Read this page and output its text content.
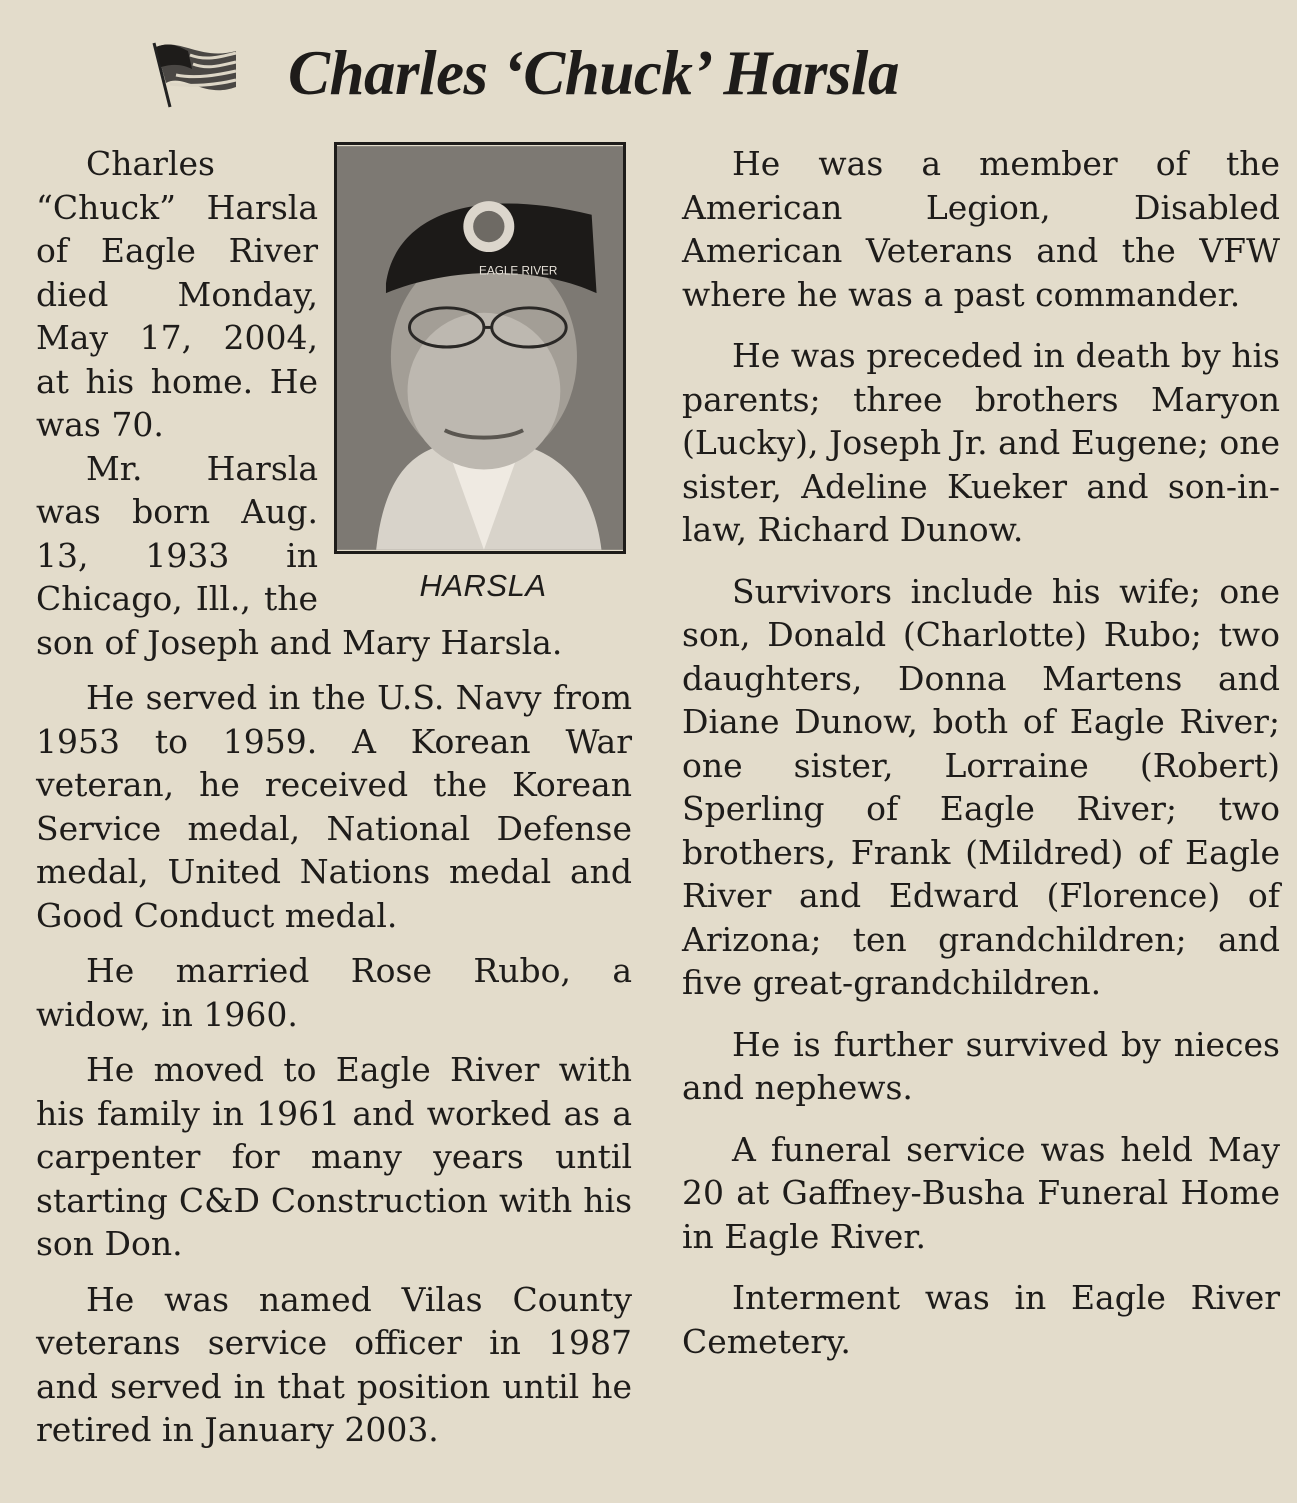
Charles ‘Chuck’ Harsla
EAGLE RIVER
HARSLA

Charles “Chuck” Harsla of Eagle River died Monday, May 17, 2004, at his home. He was 70.

Mr. Harsla was born Aug. 13, 1933 in Chicago, Ill., the son of Joseph and Mary Harsla.

He served in the U.S. Navy from 1953 to 1959. A Korean War veteran, he received the Korean Service medal, National Defense medal, United Nations medal and Good Conduct medal.

He married Rose Rubo, a widow, in 1960.

He moved to Eagle River with his family in 1961 and worked as a carpenter for many years until starting C&D Construction with his son Don.

He was named Vilas County veterans service officer in 1987 and served in that position until he retired in January 2003.

He was a member of the American Legion, Disabled American Veterans and the VFW where he was a past commander.

He was preceded in death by his parents; three brothers Maryon (Lucky), Joseph Jr. and Eugene; one sister, Adeline Kueker and son-in-law, Richard Dunow.

Survivors include his wife; one son, Donald (Charlotte) Rubo; two daughters, Donna Martens and Diane Dunow, both of Eagle River; one sister, Lorraine (Robert) Sperling of Eagle River; two brothers, Frank (Mildred) of Eagle River and Edward (Florence) of Arizona; ten grandchildren; and five great-grandchildren.

He is further survived by nieces and nephews.

A funeral service was held May 20 at Gaffney-Busha Funeral Home in Eagle River.

Interment was in Eagle River Cemetery.
